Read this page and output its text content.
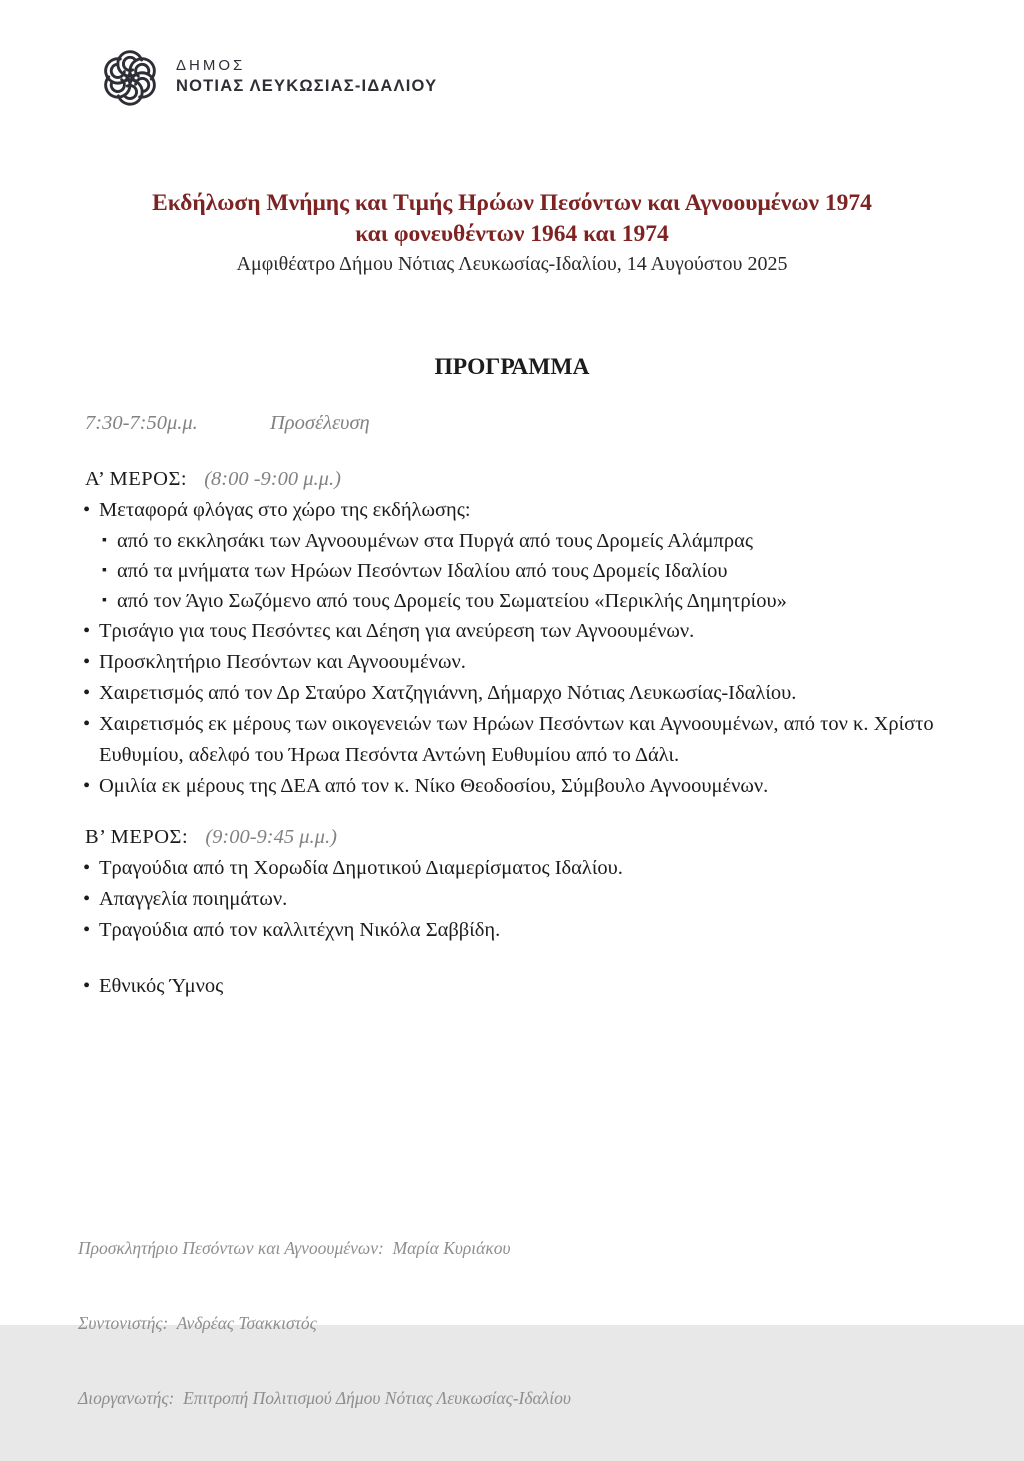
ΔΗΜΟΣ
ΝΟΤΙΑΣ ΛΕΥΚΩΣΙΑΣ-ΙΔΑΛΙΟΥ
Εκδήλωση Μνήμης και Τιμής Ηρώων Πεσόντων και Αγνοουμένων 1974
και φονευθέντων 1964 και 1974
Αμφιθέατρο Δήμου Νότιας Λευκωσίας-Ιδαλίου, 14 Αυγούστου 2025
ΠΡΟΓΡΑΜΜΑ
7:30-7:50μ.μ.	Προσέλευση
Α’ ΜΕΡΟΣ: (8:00 -9:00 μ.μ.)
• Μεταφορά φλόγας στο χώρο της εκδήλωσης:
▪ από το εκκλησάκι των Αγνοουμένων στα Πυργά από τους Δρομείς Αλάμπρας
▪ από τα μνήματα των Ηρώων Πεσόντων Ιδαλίου από τους Δρομείς Ιδαλίου
▪ από τον Άγιο Σωζόμενο από τους Δρομείς του Σωματείου «Περικλής Δημητρίου»
• Τρισάγιο για τους Πεσόντες και Δέηση για ανεύρεση των Αγνοουμένων.
• Προσκλητήριο Πεσόντων και Αγνοουμένων.
• Χαιρετισμός από τον Δρ Σταύρο Χατζηγιάννη, Δήμαρχο Νότιας Λευκωσίας-Ιδαλίου.
• Χαιρετισμός εκ μέρους των οικογενειών των Ηρώων Πεσόντων και Αγνοουμένων, από τον κ. Χρίστο Ευθυμίου, αδελφό του Ήρωα Πεσόντα Αντώνη Ευθυμίου από το Δάλι.
• Ομιλία εκ μέρους της ΔΕΑ από τον κ. Νίκο Θεοδοσίου, Σύμβουλο Αγνοουμένων.
Β’ ΜΕΡΟΣ: (9:00-9:45 μ.μ.)
• Τραγούδια από τη Χορωδία Δημοτικού Διαμερίσματος Ιδαλίου.
• Απαγγελία ποιημάτων.
• Τραγούδια από τον καλλιτέχνη Νικόλα Σαββίδη.
• Εθνικός Ύμνος

Προσκλητήριο Πεσόντων και Αγνοουμένων:  Μαρία Κυριάκου

Συντονιστής:  Ανδρέας Τσακκιστός

Διοργανωτής:  Επιτροπή Πολιτισμού Δήμου Νότιας Λευκωσίας-Ιδαλίου
